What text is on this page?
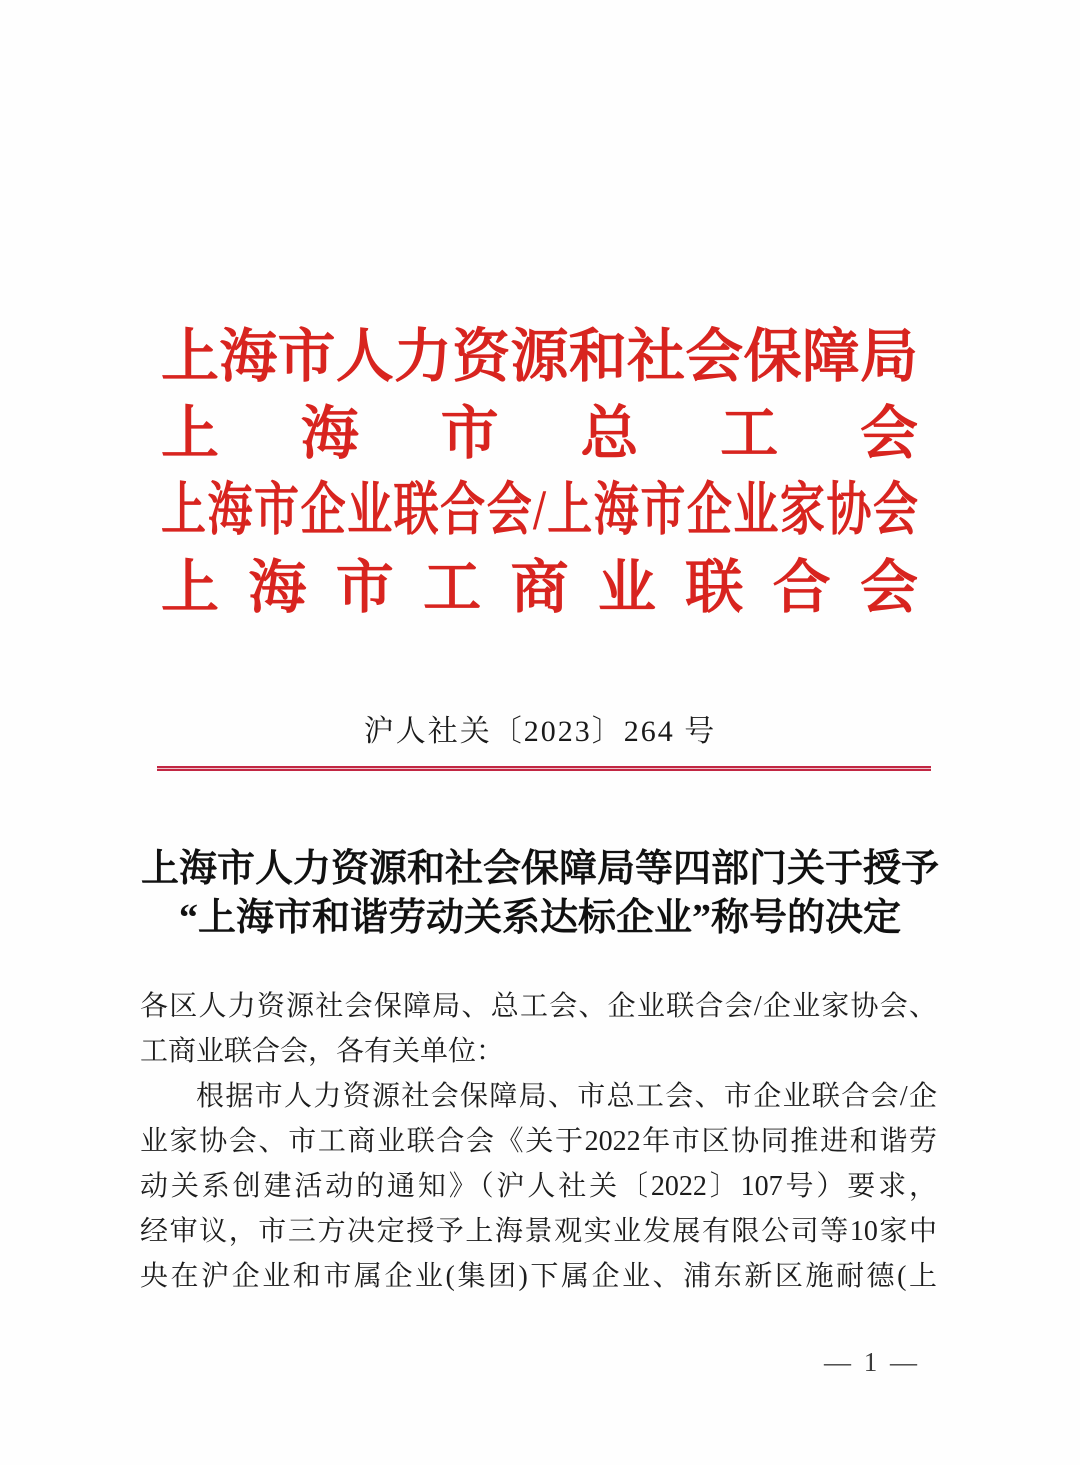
上海市人力资源和社会保障局
上海市总工会
上海市企业联合会/上海市企业家协会
上海市工商业联合会
沪人社关〔2023〕264 号
上海市人力资源和社会保障局等四部门关于授予
“上海市和谐劳动关系达标企业”称号的决定
各区人力资源社会保障局、总工会、企业联合会/企业家协会、
工商业联合会，各有关单位：
根据市人力资源社会保障局、市总工会、市企业联合会/企
业家协会、市工商业联合会《关于2022年市区协同推进和谐劳
动关系创建活动的通知》（沪人社关〔2022〕107号）要求，
经审议，市三方决定授予上海景观实业发展有限公司等10家中
央在沪企业和市属企业(集团)下属企业、浦东新区施耐德(上
— 1 —
